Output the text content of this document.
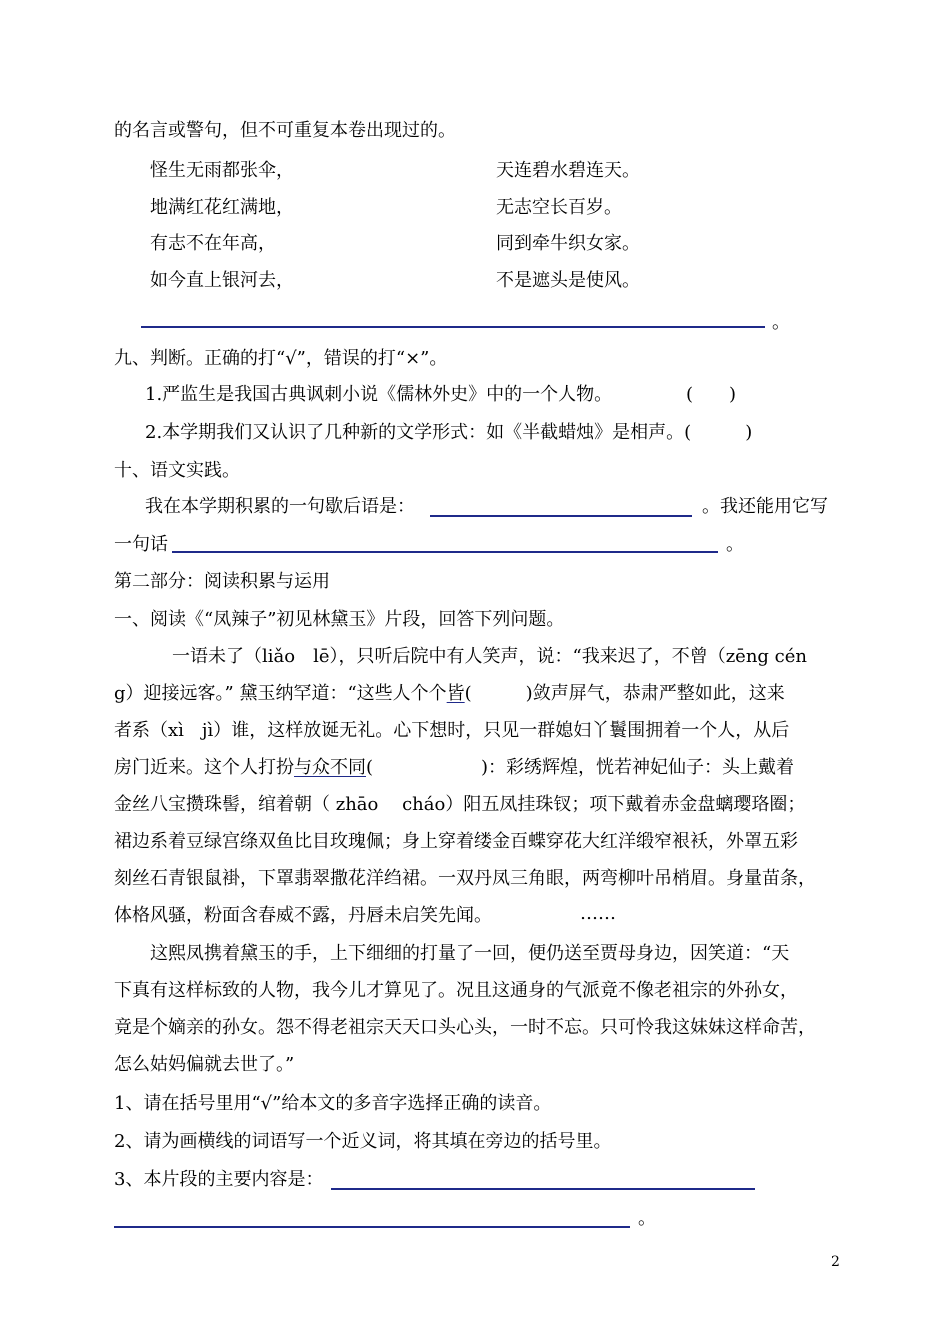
的名言或警句，但不可重复本卷出现过的。
怪生无雨都张伞，	天连碧水碧连天。
地满红花红满地，	无志空长百岁。
有志不在年高，	同到牵牛织女家。
如今直上银河去，	不是遮头是使风。
。
九、判断。正确的打“√”，错误的打“×”。
1.严监生是我国古典讽刺小说《儒林外史》中的一个人物。	(　　)
2.本学期我们又认识了几种新的文学形式：如《半截蜡烛》是相声。(　　　)
十、语文实践。
我在本学期积累的一句歇后语是：	。我还能用它写
一句话	。
第二部分：阅读积累与运用
一、阅读《“凤辣子”初见林黛玉》片段，回答下列问题。
一语未了（liǎo　lē），只听后院中有人笑声，说：“我来迟了，不曾（zēng cén
g）迎接远客。” 黛玉纳罕道：“这些人个个皆(　　　)敛声屏气，恭肃严整如此，这来
者系（xì　jì）谁，这样放诞无礼。心下想时，只见一群媳妇丫鬟围拥着一个人，从后
房门近来。这个人打扮与众不同(　　　　　　)：彩绣辉煌，恍若神妃仙子：头上戴着
金丝八宝攒珠髻，绾着朝（ zhāo　 cháo）阳五凤挂珠钗；项下戴着赤金盘螭璎珞圈；
裙边系着豆绿宫绦双鱼比目玫瑰佩；身上穿着缕金百蝶穿花大红洋缎窄裉袄，外罩五彩
刻丝石青银鼠褂，下罩翡翠撒花洋绉裙。一双丹凤三角眼，两弯柳叶吊梢眉。身量苗条，
体格风骚，粉面含春威不露，丹唇未启笑先闻。	……
这熙凤携着黛玉的手，上下细细的打量了一回，便仍送至贾母身边，因笑道：“天
下真有这样标致的人物，我今儿才算见了。况且这通身的气派竟不像老祖宗的外孙女，
竟是个嫡亲的孙女。怨不得老祖宗天天口头心头，一时不忘。只可怜我这妹妹这样命苦，
怎么姑妈偏就去世了。”
1、请在括号里用“√”给本文的多音字选择正确的读音。
2、请为画横线的词语写一个近义词，将其填在旁边的括号里。
3、本片段的主要内容是：
。
2
